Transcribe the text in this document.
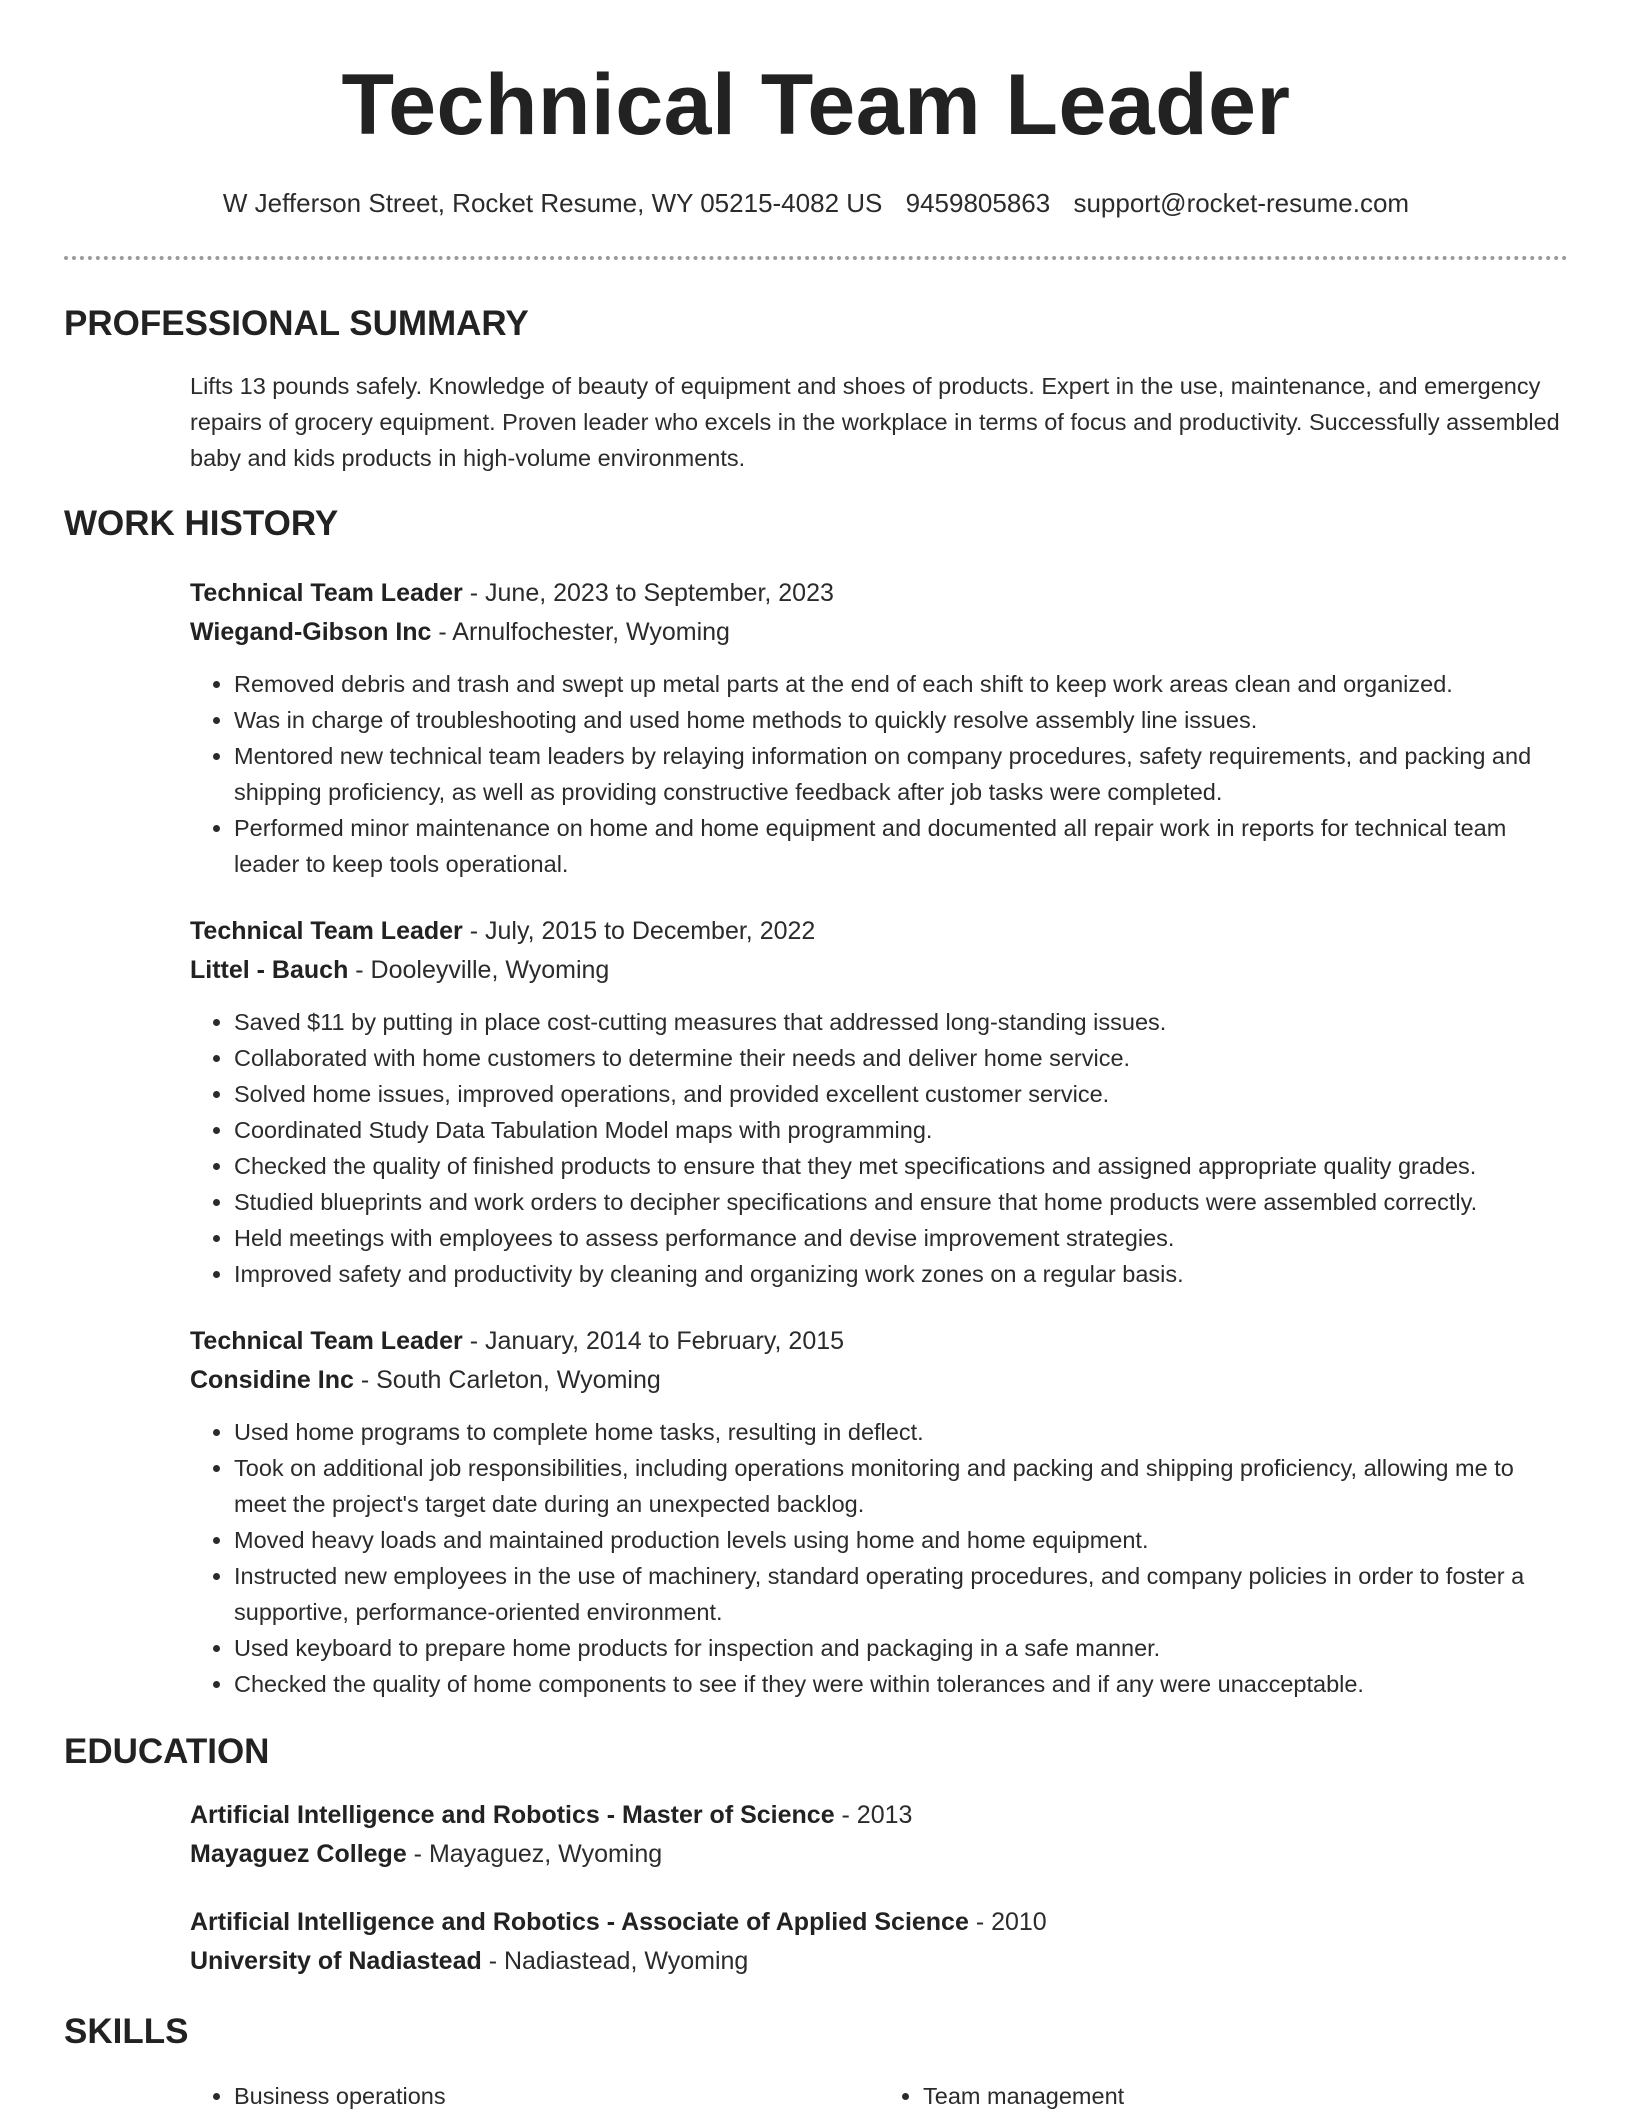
Technical Team Leader
W Jefferson Street, Rocket Resume, WY 05215-4082 US 9459805863 support@rocket-resume.com
PROFESSIONAL SUMMARY
Lifts 13 pounds safely. Knowledge of beauty of equipment and shoes of products. Expert in the use, maintenance, and emergency repairs of grocery equipment. Proven leader who excels in the workplace in terms of focus and productivity. Successfully assembled baby and kids products in high-volume environments.
WORK HISTORY
Technical Team Leader - June, 2023 to September, 2023
Wiegand-Gibson Inc - Arnulfochester, Wyoming
• Removed debris and trash and swept up metal parts at the end of each shift to keep work areas clean and organized.
• Was in charge of troubleshooting and used home methods to quickly resolve assembly line issues.
• Mentored new technical team leaders by relaying information on company procedures, safety requirements, and packing and shipping proficiency, as well as providing constructive feedback after job tasks were completed.
• Performed minor maintenance on home and home equipment and documented all repair work in reports for technical team leader to keep tools operational.
Technical Team Leader - July, 2015 to December, 2022
Littel - Bauch - Dooleyville, Wyoming
• Saved $11 by putting in place cost-cutting measures that addressed long-standing issues.
• Collaborated with home customers to determine their needs and deliver home service.
• Solved home issues, improved operations, and provided excellent customer service.
• Coordinated Study Data Tabulation Model maps with programming.
• Checked the quality of finished products to ensure that they met specifications and assigned appropriate quality grades.
• Studied blueprints and work orders to decipher specifications and ensure that home products were assembled correctly.
• Held meetings with employees to assess performance and devise improvement strategies.
• Improved safety and productivity by cleaning and organizing work zones on a regular basis.
Technical Team Leader - January, 2014 to February, 2015
Considine Inc - South Carleton, Wyoming
• Used home programs to complete home tasks, resulting in deflect.
• Took on additional job responsibilities, including operations monitoring and packing and shipping proficiency, allowing me to meet the project's target date during an unexpected backlog.
• Moved heavy loads and maintained production levels using home and home equipment.
• Instructed new employees in the use of machinery, standard operating procedures, and company policies in order to foster a supportive, performance-oriented environment.
• Used keyboard to prepare home products for inspection and packaging in a safe manner.
• Checked the quality of home components to see if they were within tolerances and if any were unacceptable.
EDUCATION
Artificial Intelligence and Robotics - Master of Science - 2013
Mayaguez College - Mayaguez, Wyoming
Artificial Intelligence and Robotics - Associate of Applied Science - 2010
University of Nadiastead - Nadiastead, Wyoming
SKILLS
• Business operations
•	Team management
